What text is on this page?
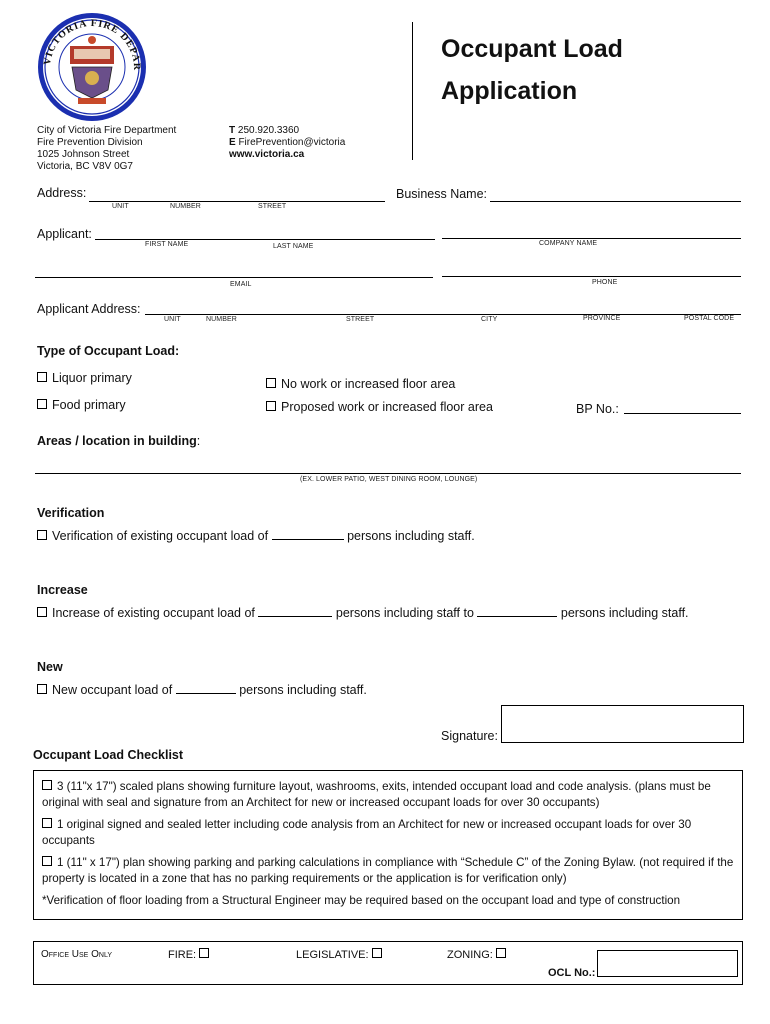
VICTORIA FIRE DEPAR
Occupant Load
Application
City of Victoria Fire Department
Fire Prevention Division
1025 Johnson Street
Victoria, BC V8V 0G7
T 250.920.3360
E FirePrevention@victoria
www.victoria.ca
Address:
UNIT	NUMBER	STREET
Business Name:
Applicant:
FIRST NAME	LAST NAME	COMPANY NAME
EMAIL	PHONE
Applicant Address:
UNIT	NUMBER	STREET	CITY	PROVINCE	POSTAL CODE
Type of Occupant Load:
Liquor primary
Food primary
No work or increased floor area
Proposed work or increased floor area	BP No.:
Areas / location in building:
(EX. LOWER PATIO, WEST DINING ROOM, LOUNGE)
Verification
Verification of existing occupant load of	persons including staff.
Increase
Increase of existing occupant load of	persons including staff to	persons including staff.
New
New occupant load of	persons including staff.
Signature:
Occupant Load Checklist
3 (11"x 17") scaled plans showing furniture layout, washrooms, exits, intended occupant load and code analysis. (plans must be original with seal and signature from an Architect for new or increased occupant loads for over 30 occupants)
1 original signed and sealed letter including code analysis from an Architect for new or increased occupant loads for over 30 occupants
1 (11" x 17") plan showing parking and parking calculations in compliance with “Schedule C” of the Zoning Bylaw. (not required if the property is located in a zone that has no parking requirements or the application is for verification only)
*Verification of floor loading from a Structural Engineer may be required based on the occupant load and type of construction
Office Use Only	FIRE:	LEGISLATIVE:	ZONING:
OCL No.:
